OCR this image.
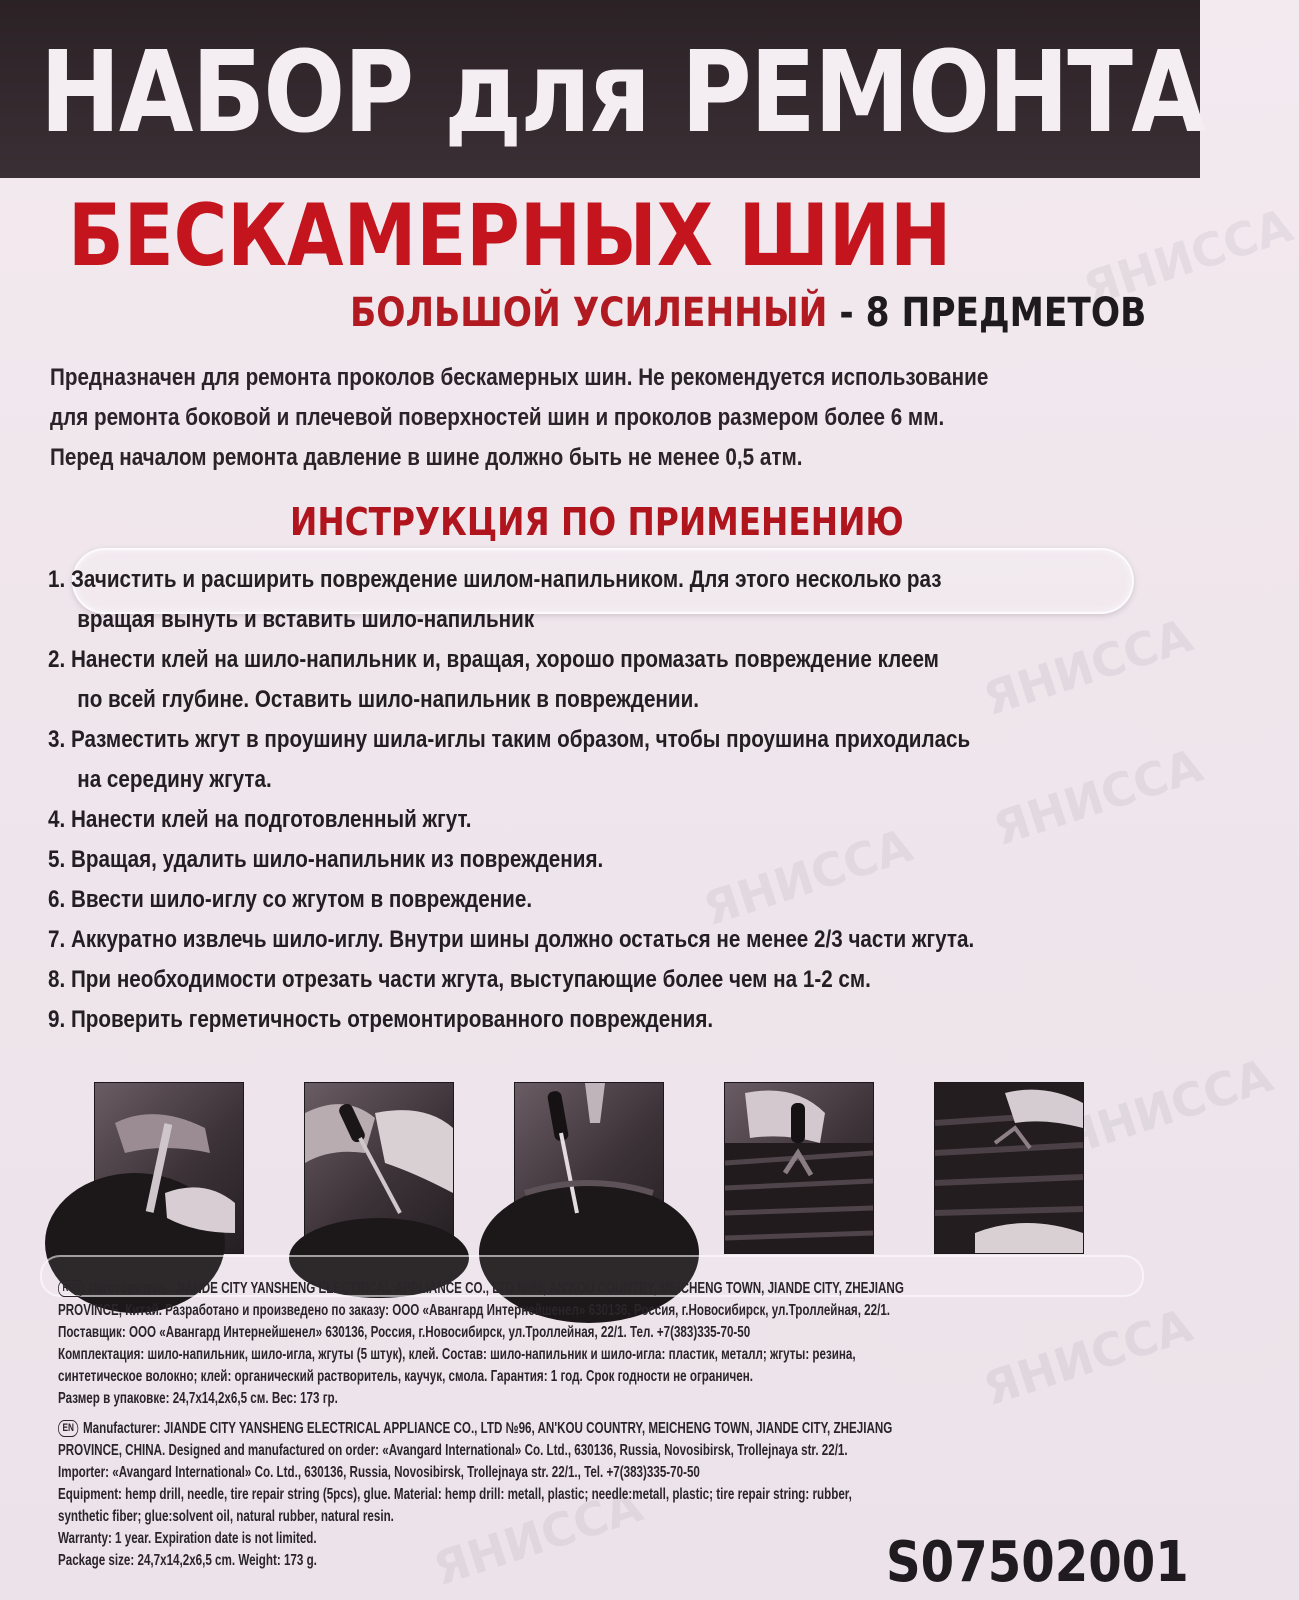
ЯНИССА
ЯНИССА
ЯНИССА
ЯНИССА
ЯНИССА
ЯНИССА
ЯНИССА
НАБОР для РЕМОНТА
БЕСКАМЕРНЫХ ШИН
БОЛЬШОЙ УСИЛЕННЫЙ - 8 ПРЕДМЕТОВ

Предназначен для ремонта проколов бескамерных шин. Не рекомендуется использование

для ремонта боковой и плечевой поверхностей шин и проколов размером более 6 мм.

Перед началом ремонта давление в шине должно быть не менее 0,5 атм.

ИНСТРУКЦИЯ ПО ПРИМЕНЕНИЮ
1. Зачистить и расширить повреждение шилом-напильником. Для этого несколько раз
вращая вынуть и вставить шило-напильник
2. Нанести клей на шило-напильник и, вращая, хорошо промазать повреждение клеем
по всей глубине. Оставить шило-напильник в повреждении.
3. Разместить жгут в проушину шила-иглы таким образом, чтобы проушина приходилась
на середину жгута.
4. Нанести клей на подготовленный жгут.
5. Вращая, удалить шило-напильник из повреждения.
6. Ввести шило-иглу со жгутом в повреждение.
7. Аккуратно извлечь шило-иглу. Внутри шины должно остаться не менее 2/3 части жгута.
8. При необходимости отрезать части жгута, выступающие более чем на 1-2 см.
9. Проверить герметичность отремонтированного повреждения.

RUS Изготовитель: JIANDE CITY YANSHENG ELECTRICAL APPLIANCE CO., LTD №96, AN'KOU COUNTRY, MEICHENG TOWN, JIANDE CITY, ZHEJIANG

PROVINCE, Китай. Разработано и произведено по заказу: ООО «Авангард Интернейшенел» 630136, Россия, г.Новосибирск, ул.Троллейная, 22/1.

Поставщик: ООО «Авангард Интернейшенел» 630136, Россия, г.Новосибирск, ул.Троллейная, 22/1. Тел. +7(383)335-70-50

Комплектация: шило-напильник, шило-игла, жгуты (5 штук), клей. Состав: шило-напильник и шило-игла: пластик, металл; жгуты: резина,

синтетическое волокно; клей: органический растворитель, каучук, смола. Гарантия: 1 год. Срок годности не ограничен.

Размер в упаковке: 24,7x14,2x6,5 см. Вес: 173 гр.

EN Manufacturer: JIANDE CITY YANSHENG ELECTRICAL APPLIANCE CO., LTD №96, AN'KOU COUNTRY, MEICHENG TOWN, JIANDE CITY, ZHEJIANG

PROVINCE, CHINA. Designed and manufactured on order: «Avangard International» Co. Ltd., 630136, Russia, Novosibirsk, Trollejnaya str. 22/1.

Importer: «Avangard International» Co. Ltd., 630136, Russia, Novosibirsk, Trollejnaya str. 22/1., Tel. +7(383)335-70-50

Equipment: hemp drill, needle, tire repair string (5pcs), glue. Material: hemp drill: metall, plastic; needle:metall, plastic; tire repair string: rubber,

synthetic fiber; glue:solvent oil, natural rubber, natural resin.

Warranty: 1 year. Expiration date is not limited.

Package size: 24,7x14,2x6,5 cm. Weight: 173 g.	S07502001
